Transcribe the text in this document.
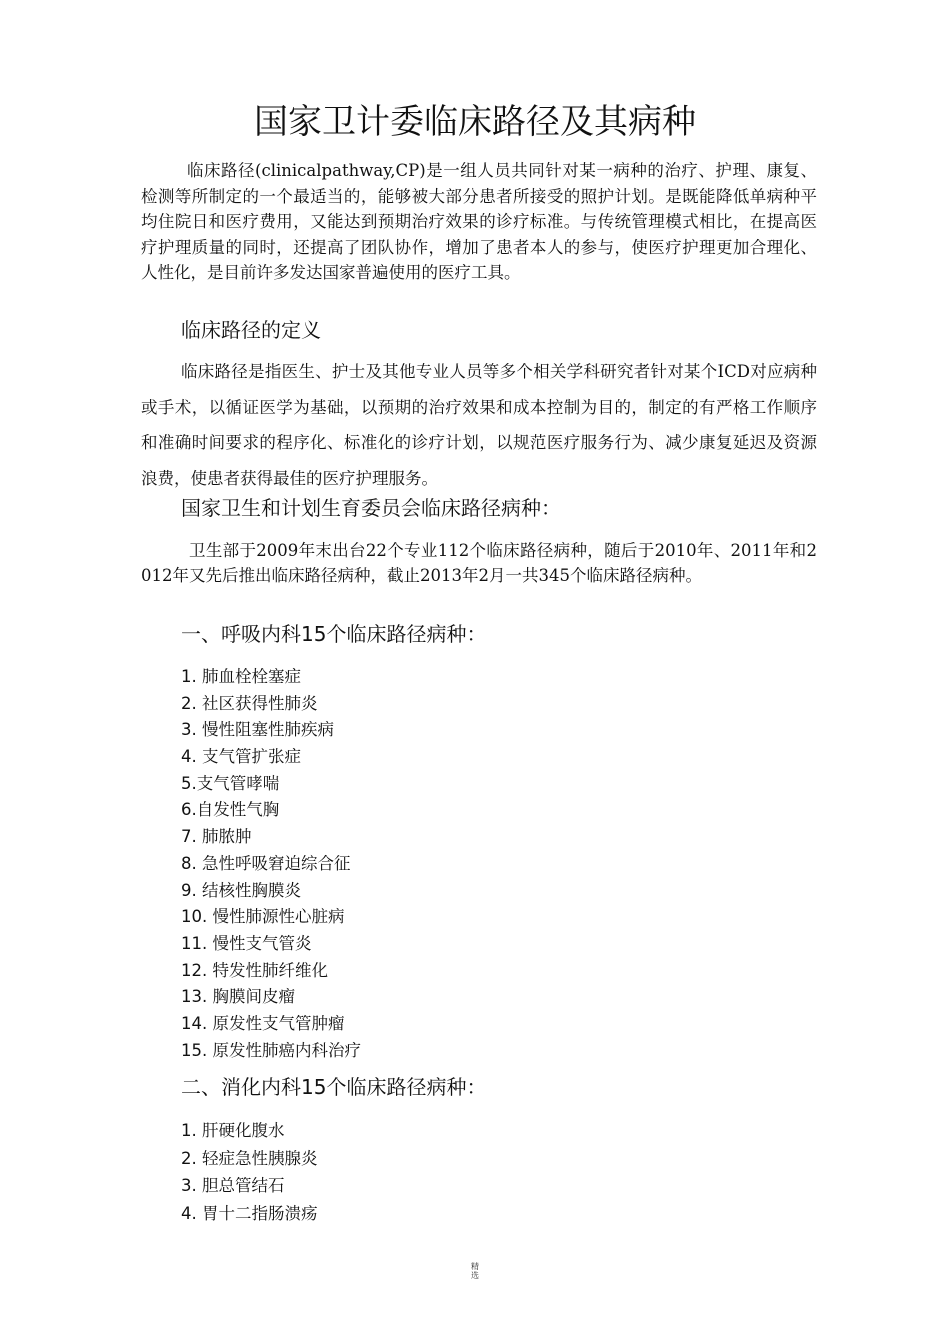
国家卫计委临床路径及其病种

临床路径(clinicalpathway,CP)是一组人员共同针对某一病种的治疗、护理、康复、检测等所制定的一个最适当的，能够被大部分患者所接受的照护计划。是既能降低单病种平均住院日和医疗费用，又能达到预期治疗效果的诊疗标准。与传统管理模式相比，在提高医疗护理质量的同时，还提高了团队协作，增加了患者本人的参与，使医疗护理更加合理化、人性化，是目前许多发达国家普遍使用的医疗工具。

临床路径的定义

临床路径是指医生、护士及其他专业人员等多个相关学科研究者针对某个ICD对应病种或手术，以循证医学为基础，以预期的治疗效果和成本控制为目的，制定的有严格工作顺序和准确时间要求的程序化、标准化的诊疗计划，以规范医疗服务行为、减少康复延迟及资源浪费，使患者获得最佳的医疗护理服务。

国家卫生和计划生育委员会临床路径病种：

卫生部于2009年末出台22个专业112个临床路径病种，随后于2010年、2011年和2012年又先后推出临床路径病种，截止2013年2月一共345个临床路径病种。

一、呼吸内科15个临床路径病种：
1. 肺血栓栓塞症
2. 社区获得性肺炎
3. 慢性阻塞性肺疾病
4. 支气管扩张症
5.支气管哮喘
6.自发性气胸
7. 肺脓肿
8. 急性呼吸窘迫综合征
9. 结核性胸膜炎
10. 慢性肺源性心脏病
11. 慢性支气管炎
12. 特发性肺纤维化
13. 胸膜间皮瘤
14. 原发性支气管肿瘤
15. 原发性肺癌内科治疗
二、消化内科15个临床路径病种：
1. 肝硬化腹水
2. 轻症急性胰腺炎
3. 胆总管结石
4. 胃十二指肠溃疡
精
选
